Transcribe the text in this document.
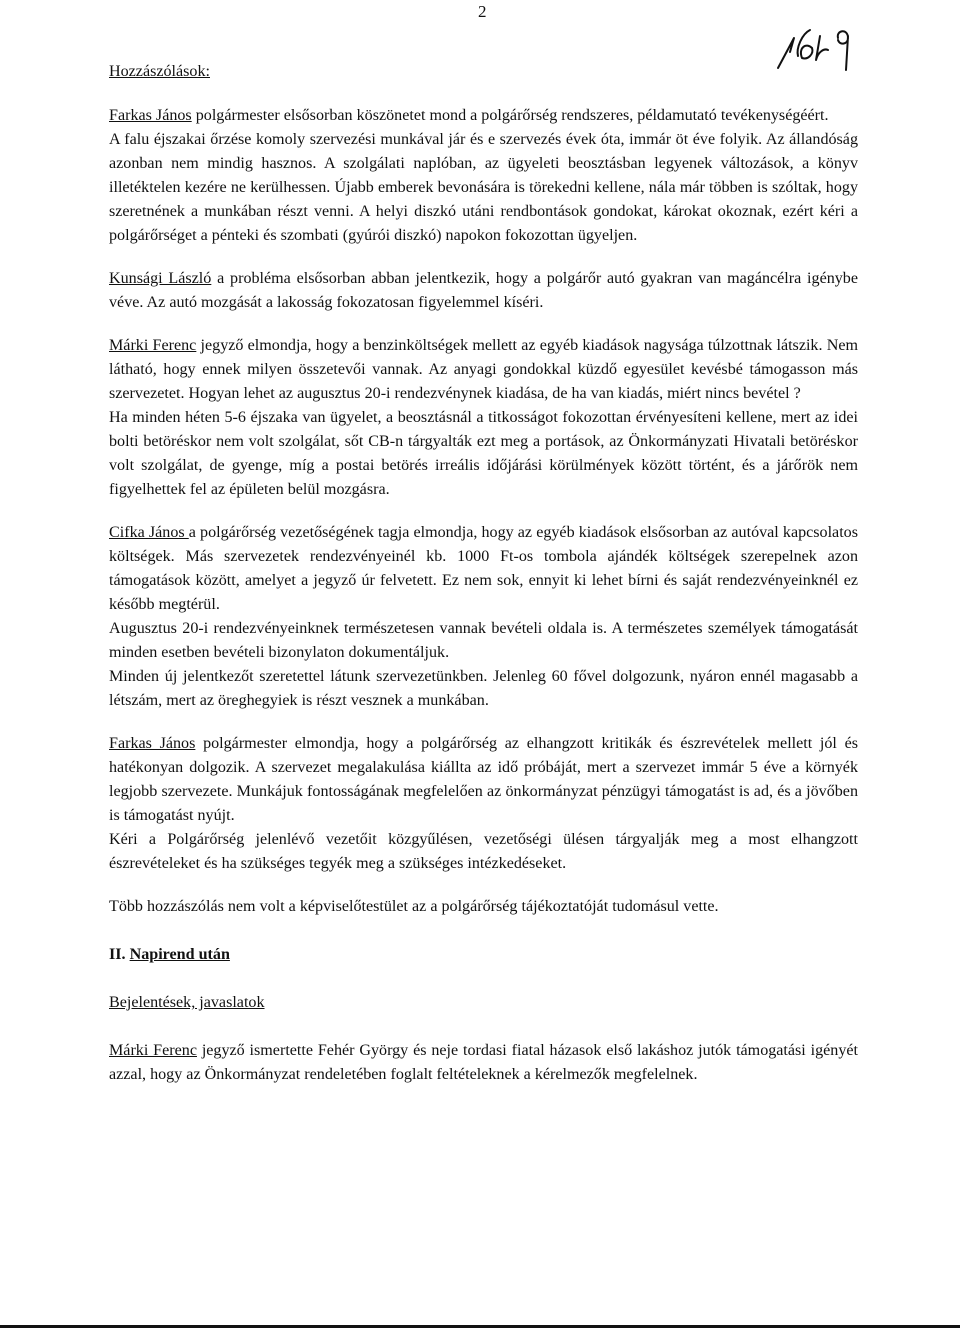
2

Hozzászólások:

Farkas János polgármester elsősorban köszönetet mond a polgárőrség rendszeres, példamutató tevékenységéért.

A falu éjszakai őrzése komoly szervezési munkával jár és e szervezés évek óta, immár öt éve folyik. Az állandóság azonban nem mindig hasznos. A szolgálati naplóban, az ügyeleti beosztásban legyenek változások, a könyv illetéktelen kezére ne kerülhessen. Újabb emberek bevonására is törekedni kellene, nála már többen is szóltak, hogy szeretnének a munkában részt venni. A helyi diszkó utáni rendbontások gondokat, károkat okoznak, ezért kéri a polgárőrséget a pénteki és szombati (gyúrói diszkó) napokon fokozottan ügyeljen.

Kunsági László a probléma elsősorban abban jelentkezik, hogy a polgárőr autó gyakran van magáncélra igénybe véve. Az autó mozgását a lakosság fokozatosan figyelemmel kíséri.

Márki Ferenc jegyző elmondja, hogy a benzinköltségek mellett az egyéb kiadások nagysága túlzottnak látszik. Nem látható, hogy ennek milyen összetevői vannak. Az anyagi gondokkal küzdő egyesület kevésbé támogasson más szervezetet. Hogyan lehet az augusztus 20-i rendezvénynek kiadása, de ha van kiadás, miért nincs bevétel ?

Ha minden héten 5-6 éjszaka van ügyelet, a beosztásnál a titkosságot fokozottan érvényesíteni kellene, mert az idei bolti betöréskor nem volt szolgálat, sőt CB-n tárgyalták ezt meg a portások, az Önkormányzati Hivatali betöréskor volt szolgálat, de gyenge, míg a postai betörés irreális időjárási körülmények között történt, és a járőrök nem figyelhettek fel az épületen belül mozgásra.

Cifka János a polgárőrség vezetőségének tagja elmondja, hogy az egyéb kiadások elsősorban az autóval kapcsolatos költségek. Más szervezetek rendezvényeinél kb. 1000 Ft-os tombola ajándék költségek szerepelnek azon támogatások között, amelyet a jegyző úr felvetett. Ez nem sok, ennyit ki lehet bírni és saját rendezvényeinknél ez később megtérül.

Augusztus 20-i rendezvényeinknek természetesen vannak bevételi oldala is. A természetes személyek támogatását minden esetben bevételi bizonylaton dokumentáljuk.

Minden új jelentkezőt szeretettel látunk szervezetünkben. Jelenleg 60 fővel dolgozunk, nyáron ennél magasabb a létszám, mert az öreghegyiek is részt vesznek a munkában.

Farkas János polgármester elmondja, hogy a polgárőrség az elhangzott kritikák és észrevételek mellett jól és hatékonyan dolgozik. A szervezet megalakulása kiállta az idő próbáját, mert a szervezet immár 5 éve a környék legjobb szervezete. Munkájuk fontosságának megfelelően az önkormányzat pénzügyi támogatást is ad, és a jövőben is támogatást nyújt.

Kéri a Polgárőrség jelenlévő vezetőit közgyűlésen, vezetőségi ülésen tárgyalják meg a most elhangzott észrevételeket és ha szükséges tegyék meg a szükséges intézkedéseket.

Több hozzászólás nem volt a képviselőtestület az a polgárőrség tájékoztatóját tudomásul vette.

II. Napirend után

Bejelentések, javaslatok

Márki Ferenc jegyző ismertette Fehér György és neje tordasi fiatal házasok első lakáshoz jutók támogatási igényét azzal, hogy az Önkormányzat rendeletében foglalt feltételeknek a kérelmezők megfelelnek.
